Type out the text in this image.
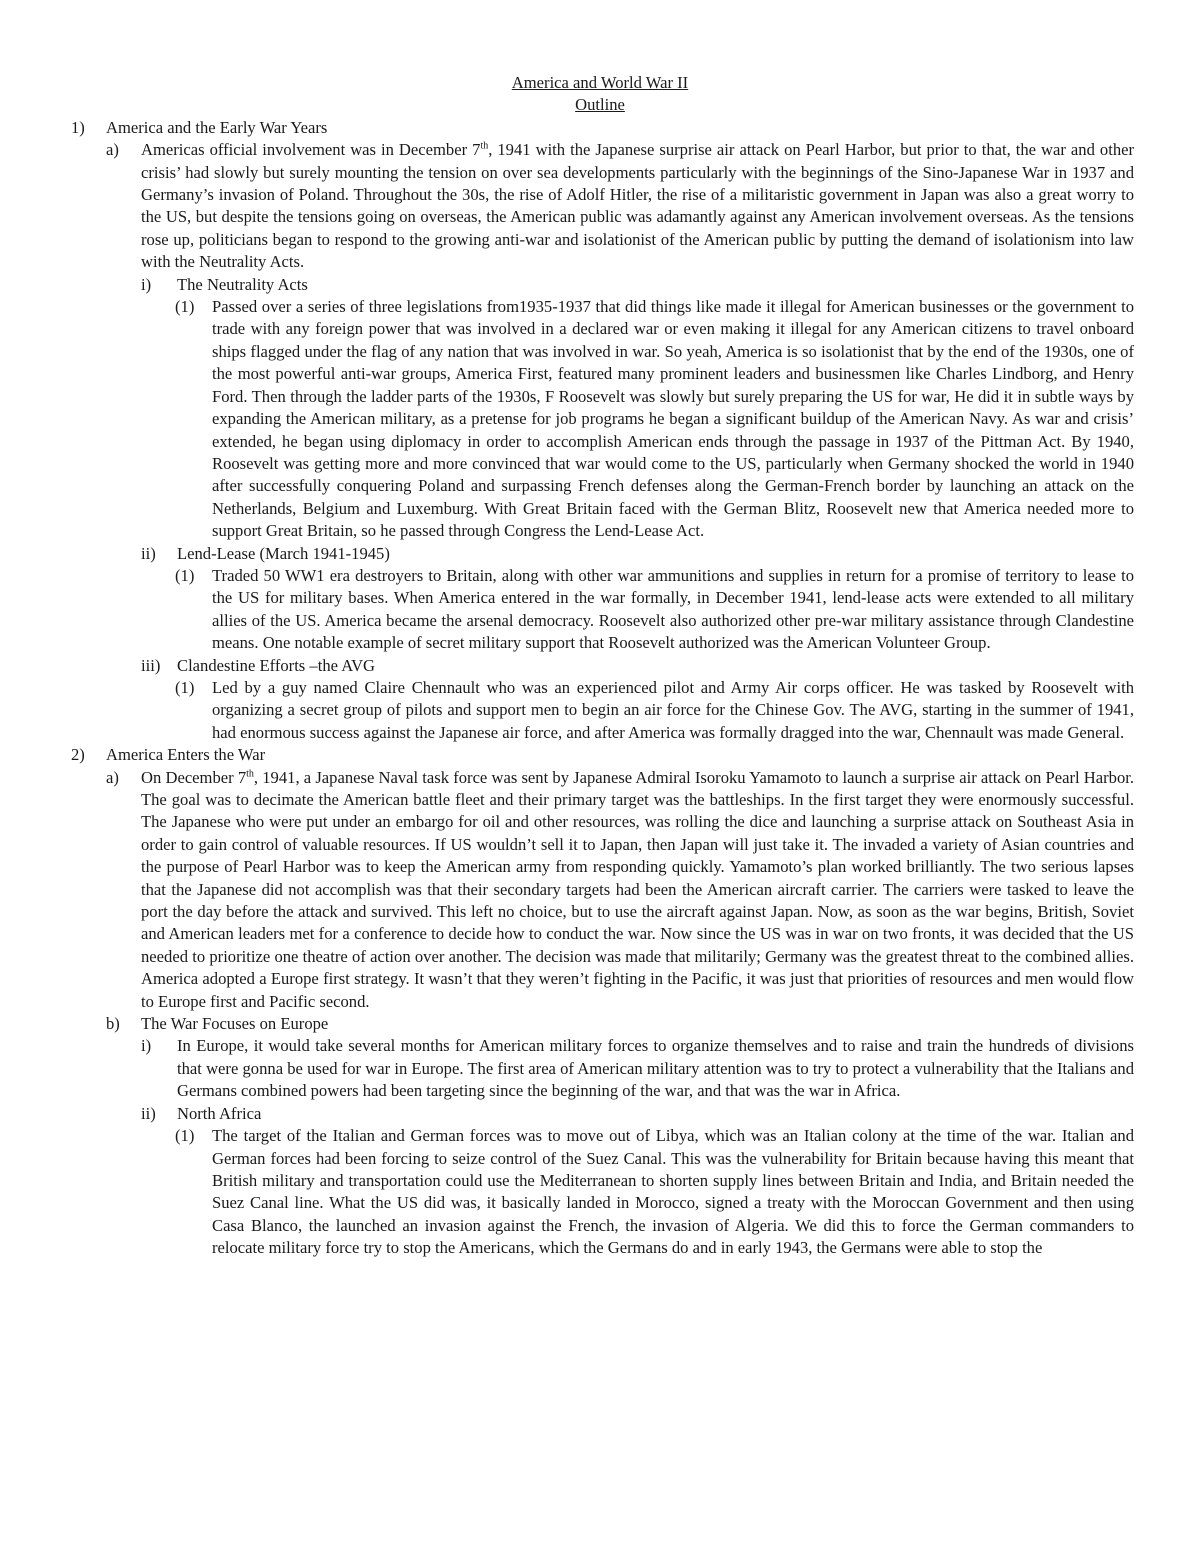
America and World War II
Outline
1) America and the Early War Years
a) Americas official involvement was in December 7th, 1941 with the Japanese surprise air attack on Pearl Harbor, but prior to that, the war and other crisis’ had slowly but surely mounting the tension on over sea developments particularly with the beginnings of the Sino-Japanese War in 1937 and Germany’s invasion of Poland. Throughout the 30s, the rise of Adolf Hitler, the rise of a militaristic government in Japan was also a great worry to the US, but despite the tensions going on overseas, the American public was adamantly against any American involvement overseas. As the tensions rose up, politicians began to respond to the growing anti-war and isolationist of the American public by putting the demand of isolationism into law with the Neutrality Acts.
i) The Neutrality Acts
(1) Passed over a series of three legislations from1935-1937 that did things like made it illegal for American businesses or the government to trade with any foreign power that was involved in a declared war or even making it illegal for any American citizens to travel onboard ships flagged under the flag of any nation that was involved in war. So yeah, America is so isolationist that by the end of the 1930s, one of the most powerful anti-war groups, America First, featured many prominent leaders and businessmen like Charles Lindborg, and Henry Ford. Then through the ladder parts of the 1930s, F Roosevelt was slowly but surely preparing the US for war, He did it in subtle ways by expanding the American military, as a pretense for job programs he began a significant buildup of the American Navy. As war and crisis’ extended, he began using diplomacy in order to accomplish American ends through the passage in 1937 of the Pittman Act. By 1940, Roosevelt was getting more and more convinced that war would come to the US, particularly when Germany shocked the world in 1940 after successfully conquering Poland and surpassing French defenses along the German-French border by launching an attack on the Netherlands, Belgium and Luxemburg. With Great Britain faced with the German Blitz, Roosevelt new that America needed more to support Great Britain, so he passed through Congress the Lend-Lease Act.
ii) Lend-Lease (March 1941-1945)
(1) Traded 50 WW1 era destroyers to Britain, along with other war ammunitions and supplies in return for a promise of territory to lease to the US for military bases. When America entered in the war formally, in December 1941, lend-lease acts were extended to all military allies of the US. America became the arsenal democracy. Roosevelt also authorized other pre-war military assistance through Clandestine means. One notable example of secret military support that Roosevelt authorized was the American Volunteer Group.
iii) Clandestine Efforts –the AVG
(1) Led by a guy named Claire Chennault who was an experienced pilot and Army Air corps officer. He was tasked by Roosevelt with organizing a secret group of pilots and support men to begin an air force for the Chinese Gov. The AVG, starting in the summer of 1941, had enormous success against the Japanese air force, and after America was formally dragged into the war, Chennault was made General.
2) America Enters the War
a) On December 7th, 1941, a Japanese Naval task force was sent by Japanese Admiral Isoroku Yamamoto to launch a surprise air attack on Pearl Harbor. The goal was to decimate the American battle fleet and their primary target was the battleships. In the first target they were enormously successful. The Japanese who were put under an embargo for oil and other resources, was rolling the dice and launching a surprise attack on Southeast Asia in order to gain control of valuable resources. If US wouldn’t sell it to Japan, then Japan will just take it. The invaded a variety of Asian countries and the purpose of Pearl Harbor was to keep the American army from responding quickly. Yamamoto’s plan worked brilliantly. The two serious lapses that the Japanese did not accomplish was that their secondary targets had been the American aircraft carrier. The carriers were tasked to leave the port the day before the attack and survived. This left no choice, but to use the aircraft against Japan. Now, as soon as the war begins, British, Soviet and American leaders met for a conference to decide how to conduct the war. Now since the US was in war on two fronts, it was decided that the US needed to prioritize one theatre of action over another. The decision was made that militarily; Germany was the greatest threat to the combined allies. America adopted a Europe first strategy. It wasn’t that they weren’t fighting in the Pacific, it was just that priorities of resources and men would flow to Europe first and Pacific second.
b) The War Focuses on Europe
i) In Europe, it would take several months for American military forces to organize themselves and to raise and train the hundreds of divisions that were gonna be used for war in Europe. The first area of American military attention was to try to protect a vulnerability that the Italians and Germans combined powers had been targeting since the beginning of the war, and that was the war in Africa.
ii) North Africa
(1) The target of the Italian and German forces was to move out of Libya, which was an Italian colony at the time of the war. Italian and German forces had been forcing to seize control of the Suez Canal. This was the vulnerability for Britain because having this meant that British military and transportation could use the Mediterranean to shorten supply lines between Britain and India, and Britain needed the Suez Canal line. What the US did was, it basically landed in Morocco, signed a treaty with the Moroccan Government and then using Casa Blanco, the launched an invasion against the French, the invasion of Algeria. We did this to force the German commanders to relocate military force try to stop the Americans, which the Germans do and in early 1943, the Germans were able to stop the
